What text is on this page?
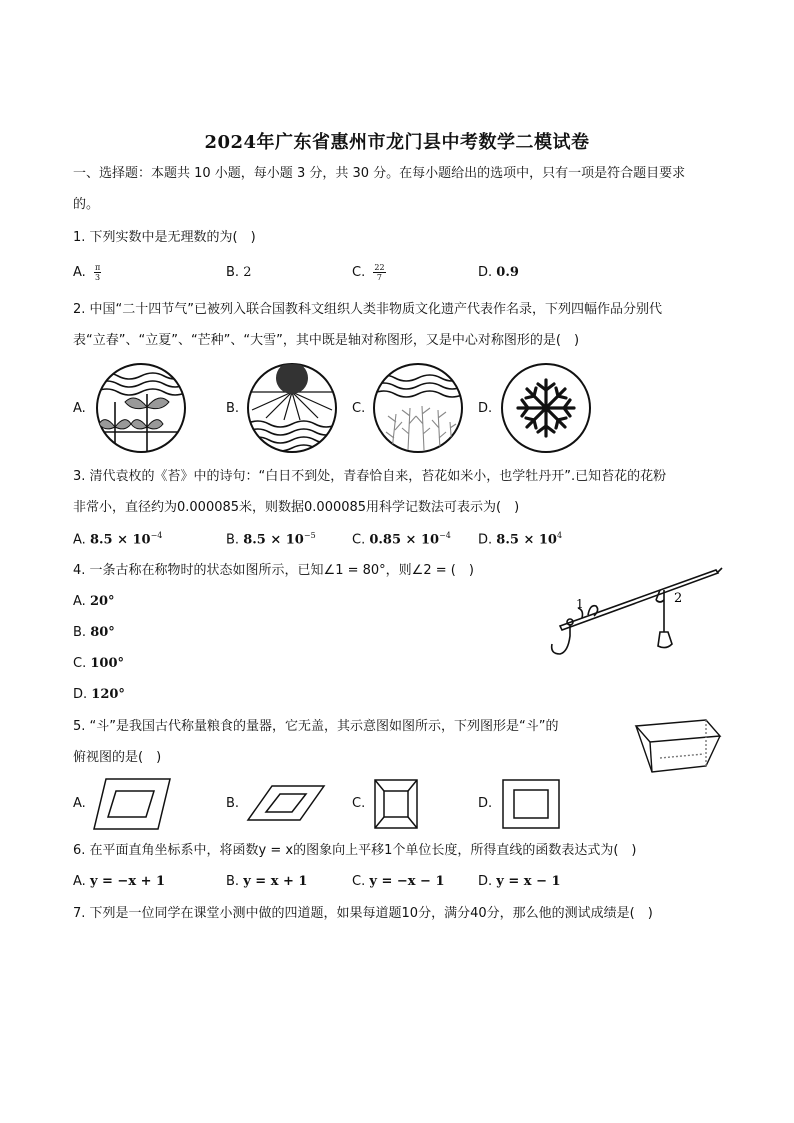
2024年广东省惠州市龙门县中考数学二模试卷
一、选择题：本题共 10 小题，每小题 3 分，共 30 分。在每小题给出的选项中，只有一项是符合题目要求
的。
1. 下列实数中是无理数的为(　)
A. $\frac{\pi}{3}$	B. 2	C. $\frac{22}{7}$	D. 0.9
2. 中国“二十四节气”已被列入联合国教科文组织人类非物质文化遗产代表作名录，下列四幅作品分别代
表“立春”、“立夏”、“芒种”、“大雪”，其中既是轴对称图形，又是中心对称图形的是(　)
A.	B.	C.	D.
3. 清代袁枚的《苔》中的诗句：“白日不到处，青春恰自来，苔花如米小，也学牡丹开”.已知苔花的花粉
非常小，直径约为0.000085米，则数据0.000085用科学记数法可表示为(　)
A. $8.5 \times 10^{-4}$	B. $8.5 \times 10^{-5}$	C. $0.85 \times 10^{-4}$ D. $8.5 \times 10^4$
4. 一条古称在称物时的状态如图所示，已知∠1 = 80°，则∠2 = (　)
A. 20°
B. 80°
C. 100°
D. 120°
1	2
5. “斗”是我国古代称量粮食的量器，它无盖，其示意图如图所示，下列图形是“斗”的
俯视图的是(　)
A.	B.	C.	D.
6. 在平面直角坐标系中，将函数y = x的图象向上平移1个单位长度，所得直线的函数表达式为(　)
A. y = −x + 1	B. y = x + 1	C. y = −x − 1	D. y = x − 1
7. 下列是一位同学在课堂小测中做的四道题，如果每道题10分，满分40分，那么他的测试成绩是(　)
